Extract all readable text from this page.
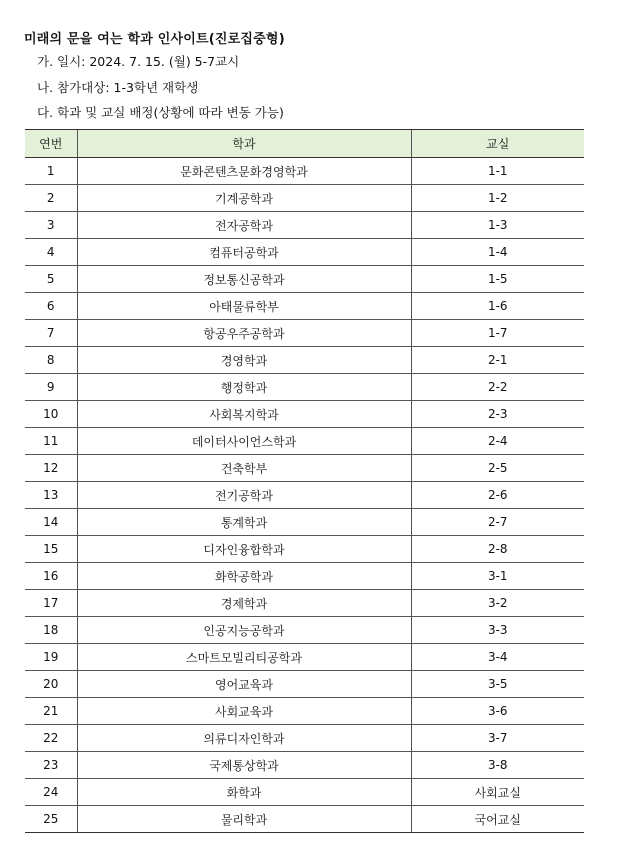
미래의 문을 여는 학과 인사이트(진로집중형)
가. 일시: 2024. 7. 15. (월) 5-7교시
나. 참가대상: 1-3학년 재학생
다. 학과 및 교실 배정(상황에 따라 변동 가능)
연번	학과	교실
1	문화콘텐츠문화경영학과	1-1
2	기계공학과	1-2
3	전자공학과	1-3
4	컴퓨터공학과	1-4
5	정보통신공학과	1-5
6	아태물류학부	1-6
7	항공우주공학과	1-7
8	경영학과	2-1
9	행정학과	2-2
10	사회복지학과	2-3
11	데이터사이언스학과	2-4
12	건축학부	2-5
13	전기공학과	2-6
14	통계학과	2-7
15	디자인융합학과	2-8
16	화학공학과	3-1
17	경제학과	3-2
18	인공지능공학과	3-3
19	스마트모빌리티공학과	3-4
20	영어교육과	3-5
21	사회교육과	3-6
22	의류디자인학과	3-7
23	국제통상학과	3-8
24	화학과	사회교실
25	물리학과	국어교실
